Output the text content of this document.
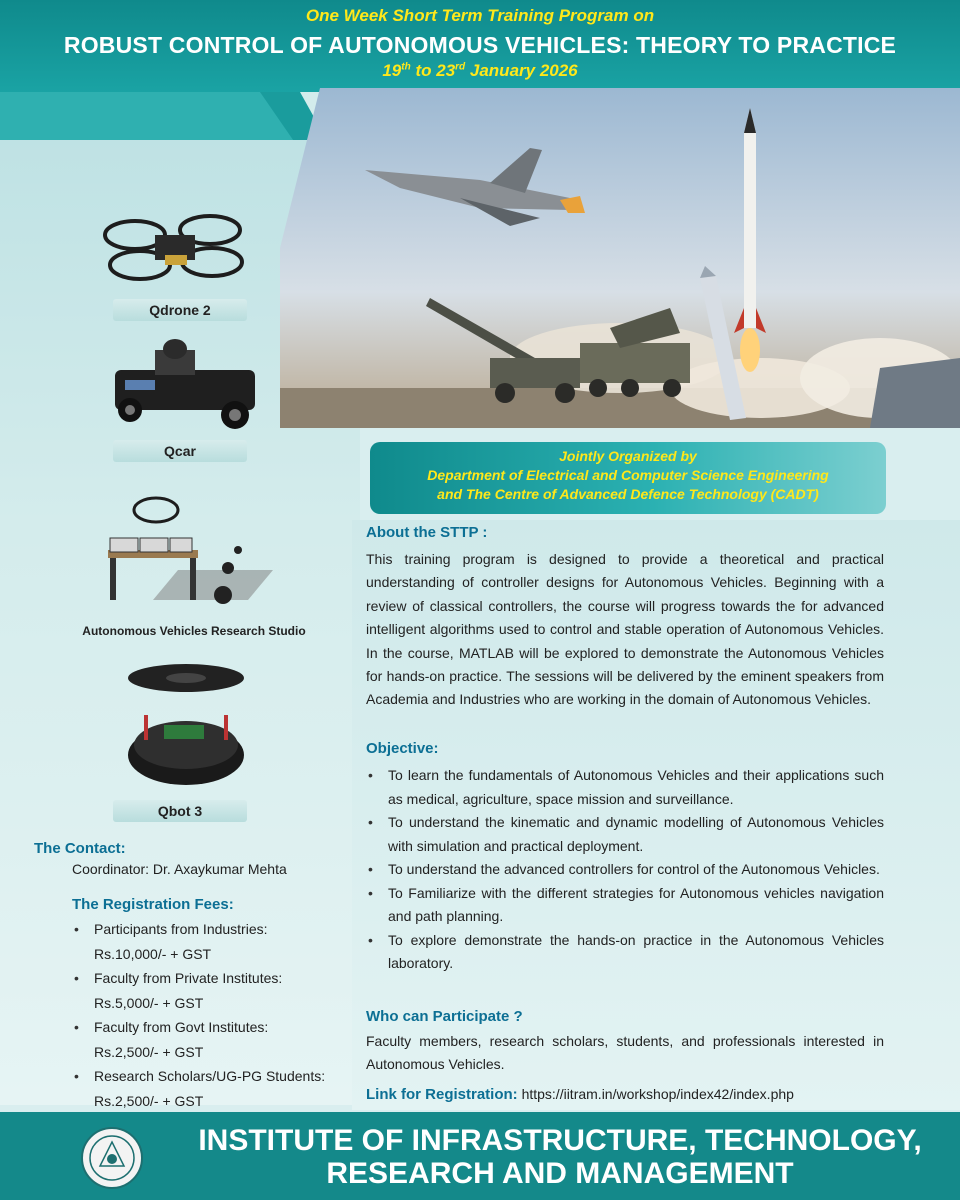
One Week Short Term Training Program on
ROBUST CONTROL OF AUTONOMOUS VEHICLES: THEORY TO PRACTICE
19th to 23rd January 2026
Qdrone 2
Qcar
Autonomous Vehicles Research Studio
Qbot 3
The Contact:
Coordinator: Dr. Axaykumar Mehta
The Registration Fees:
• Participants from Industries:
Rs.10,000/- + GST
• Faculty from Private Institutes:
Rs.5,000/- + GST
• Faculty from Govt Institutes:
Rs.2,500/- + GST
• Research Scholars/UG-PG Students:
Rs.2,500/- + GST
Jointly Organized by
Department of Electrical and Computer Science Engineering
and The Centre of Advanced Defence Technology (CADT)
About the STTP :
This training program is designed to provide a theoretical and practical understanding of controller designs for Autonomous Vehicles. Beginning with a review of classical controllers, the course will progress towards the for advanced intelligent algorithms used to control and stable operation of Autonomous Vehicles. In the course, MATLAB will be explored to demonstrate the Autonomous Vehicles for hands-on practice. The sessions will be delivered by the eminent speakers from Academia and Industries who are working in the domain of Autonomous Vehicles.
Objective:
• To learn the fundamentals of Autonomous Vehicles and their applications such as medical, agriculture, space mission and surveillance.
• To understand the kinematic and dynamic modelling of Autonomous Vehicles with simulation and practical deployment.
• To understand the advanced controllers for control of the Autonomous Vehicles.
• To Familiarize with the different strategies for Autonomous vehicles navigation and path planning.
• To explore demonstrate the hands-on practice in the Autonomous Vehicles laboratory.
Who can Participate ?
Faculty members, research scholars, students, and professionals interested in Autonomous Vehicles.
Link for Registration: https://iitram.in/workshop/index42/index.php
INSTITUTE OF INFRASTRUCTURE, TECHNOLOGY,
RESEARCH AND MANAGEMENT
